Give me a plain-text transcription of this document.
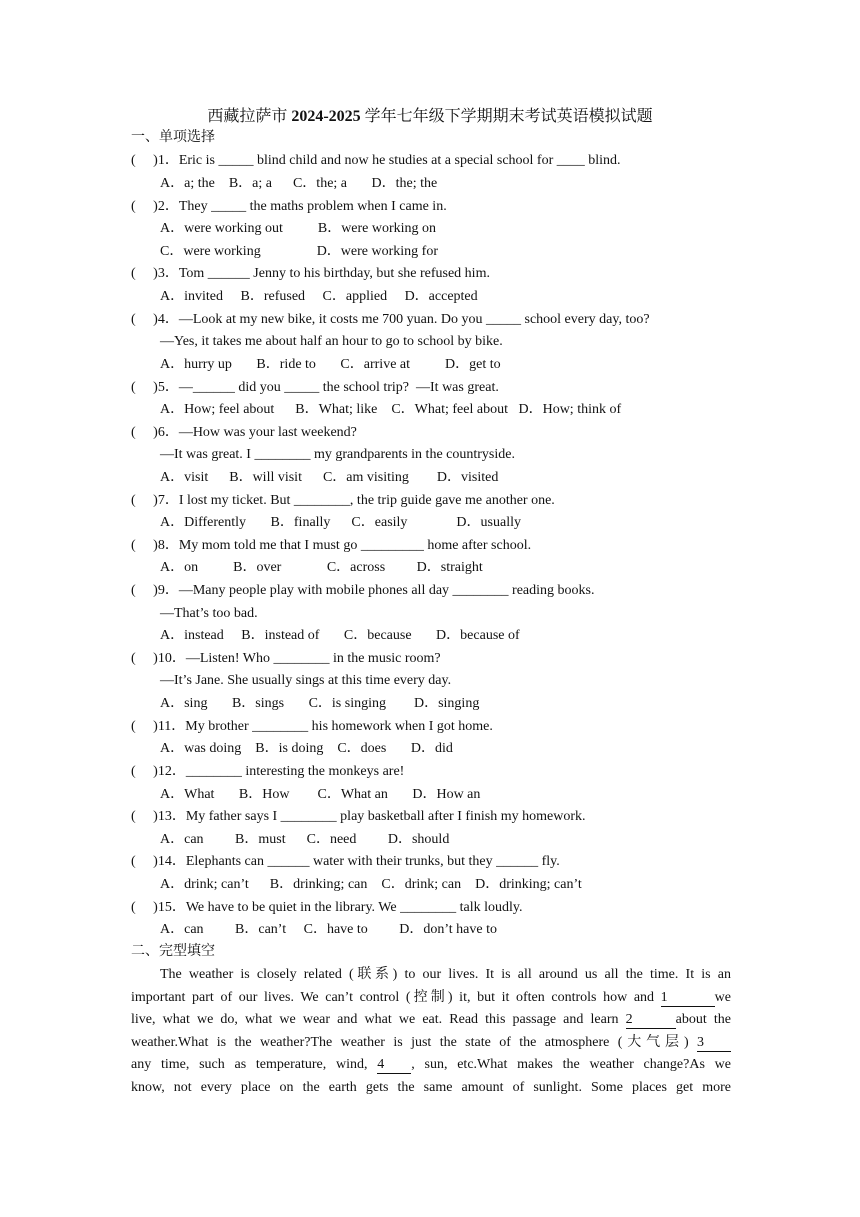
西藏拉萨市 2024-2025 学年七年级下学期期末考试英语模拟试题
一、单项选择
(     )1．Eric is _____ blind child and now he studies at a special school for ____ blind.
A．a; the    B．a; a      C．the; a       D．the; the
(     )2．They _____ the maths problem when I came in.
A．were working out          B．were working on
C．were working                D．were working for
(     )3．Tom ______ Jenny to his birthday, but she refused him.
A．invited     B．refused     C．applied     D．accepted
(     )4．—Look at my new bike, it costs me 700 yuan. Do you _____ school every day, too?
—Yes, it takes me about half an hour to go to school by bike.
A．hurry up       B．ride to       C．arrive at          D．get to
(     )5．—______ did you _____ the school trip?  —It was great.
A．How; feel about      B．What; like    C．What; feel about   D．How; think of
(     )6．—How was your last weekend?
—It was great. I ________ my grandparents in the countryside.
A．visit      B．will visit      C．am visiting        D．visited
(     )7．I lost my ticket. But ________, the trip guide gave me another one.
A．Differently       B．finally      C．easily              D．usually
(     )8．My mom told me that I must go _________ home after school.
A．on          B．over             C．across         D．straight
(     )9．—Many people play with mobile phones all day ________ reading books.
—That’s too bad.
A．instead     B．instead of       C．because       D．because of
(     )10．—Listen! Who ________ in the music room?
—It’s Jane. She usually sings at this time every day.
A．sing       B．sings       C．is singing        D．singing
(     )11．My brother ________ his homework when I got home.
A．was doing    B．is doing    C．does       D．did
(     )12．________ interesting the monkeys are!
A．What       B．How        C．What an       D．How an
(     )13．My father says I ________ play basketball after I finish my homework.
A．can         B．must      C．need         D．should
(     )14．Elephants can ______ water with their trunks, but they ______ fly.
A．drink; can’t      B．drinking; can    C．drink; can    D．drinking; can’t
(     )15．We have to be quiet in the library. We ________ talk loudly.
A．can         B．can’t     C．have to         D．don’t have to
二、完型填空
The weather is closely related (联系) to our lives. It is all around us all the time. It is an
important part of our lives. We can’t control (控制) it, but it often controls how and 1	we
live, what we do, what we wear and what we eat. Read this passage and learn 2	about the
weather.What is the weather?The weather is just the state of the atmosphere (大气层) 3
any time, such as temperature, wind, 4 , sun, etc.What makes the weather change?As we
know, not every place on the earth gets the same amount of sunlight. Some places get more
